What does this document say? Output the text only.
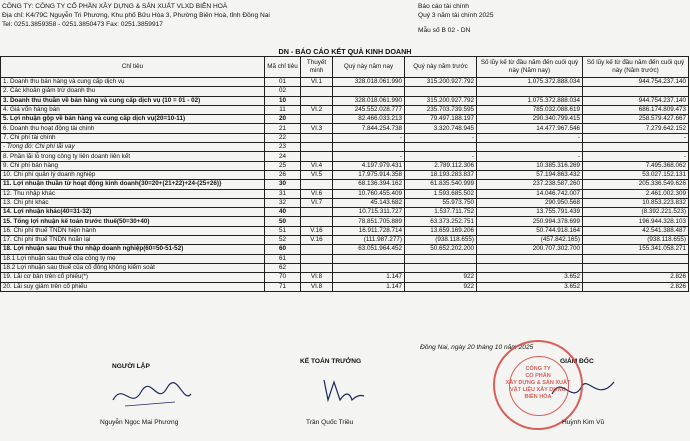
CÔNG TY: CÔNG TY CỔ PHẦN XÂY DỰNG & SẢN XUẤT VLXD BIÊN HOÀ
Địa chỉ: K4/79C Nguyễn Tri Phương, Khu phố Bửu Hòa 3, Phường Biên Hoà, tỉnh Đồng Nai
Tel: 0251.3859358 - 0251.3850473 Fax: 0251.3859917
Báo cáo tài chính
Quý 3 năm tài chính 2025
Mẫu số B 02 - DN
DN - BÁO CÁO KẾT QUẢ KINH DOANH
Chỉ tiêu	Mã chỉ tiêu	Thuyết minh	Quý này năm nay	Quý này năm trước	Số lũy kế từ đầu năm đến cuối quý này (Năm nay)	Số lũy kế từ đầu năm đến cuối quý này (Năm trước)
1. Doanh thu bán hàng và cung cấp dịch vụ	01	VI.1	328.018.061.990	315.200.927.792	1.075.372.888.034	944.754.237.140
2. Các khoản giảm trừ doanh thu	02					
3. Doanh thu thuần về bán hàng và cung cấp dịch vụ (10 = 01 - 02)	10		328.018.061.990	315.200.927.792	1.075.372.888.034	944.754.237.140
4. Giá vốn hàng bán	11	VI.2	245.552.028.777	235.703.739.595	785.032.088.619	686.174.809.473
5. Lợi nhuận gộp về bán hàng và cung cấp dịch vụ(20=10-11)	20		82.466.033.213	79.497.188.197	290.340.799.415	258.579.427.667
6. Doanh thu hoạt động tài chính	21	VI.3	7.844.254.738	3.320.748.945	14.477.967.546	7.279.642.152
7. Chi phí tài chính	22		-	-	-	-
- Trong đó: Chi phí lãi vay	23					
8. Phần lãi lỗ trong công ty liên doanh liên kết	24		-	-	-	-
9. Chi phí bán hàng	25	VI.4	4.197.979.431	2.789.112.306	10.385.316.269	7.495.368.062
10. Chi phí quản lý doanh nghiệp	26	VI.5	17.975.914.358	18.193.283.837	57.194.863.432	53.027.152.131
11. Lợi nhuận thuần từ hoạt động kinh doanh{30=20+(21+22)+24-(25+26)}	30		68.136.394.162	61.835.540.999	237.238.587.260	205.336.549.626
12. Thu nhập khác	31	VI.6	10.760.455.409	1.593.685.502	14.046.742.007	2.461.002.309
13. Chi phí khác	32	VI.7	45.143.682	55.973.750	290.950.568	10.853.223.832
14. Lợi nhuận khác(40=31-32)	40		10.715.311.727	1.537.711.752	13.755.791.439	(8.392.221.523)
15. Tổng lợi nhuận kế toán trước thuế(50=30+40)	50		78.851.705.889	63.373.252.751	250.994.378.699	196.944.328.103
16. Chi phí thuế TNDN hiện hành	51	V.16	16.911.728.714	13.659.169.206	50.744.918.164	42.541.388.487
17. Chi phí thuế TNDN hoãn lại	52	V.16	(111.987.277)	(938.118.655)	(457.842.165)	(938.118.655)
18. Lợi nhuận sau thuế thu nhập doanh nghiệp(60=50-51-52)	60		63.051.964.452	50.652.202.200	200.707.302.700	155.341.058.271
18.1 Lợi nhuận sau thuế của công ty mẹ	61					
18.2 Lợi nhuận sau thuế của cổ đông không kiểm soát	62					
19. Lãi cơ bản trên cổ phiếu(*)	70	VI.8	1.147	922	3.652	2.826
20. Lãi suy giảm trên cổ phiếu	71	VI.8	1.147	922	3.652	2.826
Đồng Nai, ngày 20 tháng 10 năm 2025
NGƯỜI LẬP
KẾ TOÁN TRƯỞNG	GIÁM ĐỐC
CÔNG TY
CỔ PHẦN
XÂY DỰNG & SẢN XUẤT
VẬT LIỆU XÂY DỰNG
BIÊN HÒA
Nguyễn Ngọc Mai Phương	Trần Quốc Triều	Huỳnh Kim Vũ
